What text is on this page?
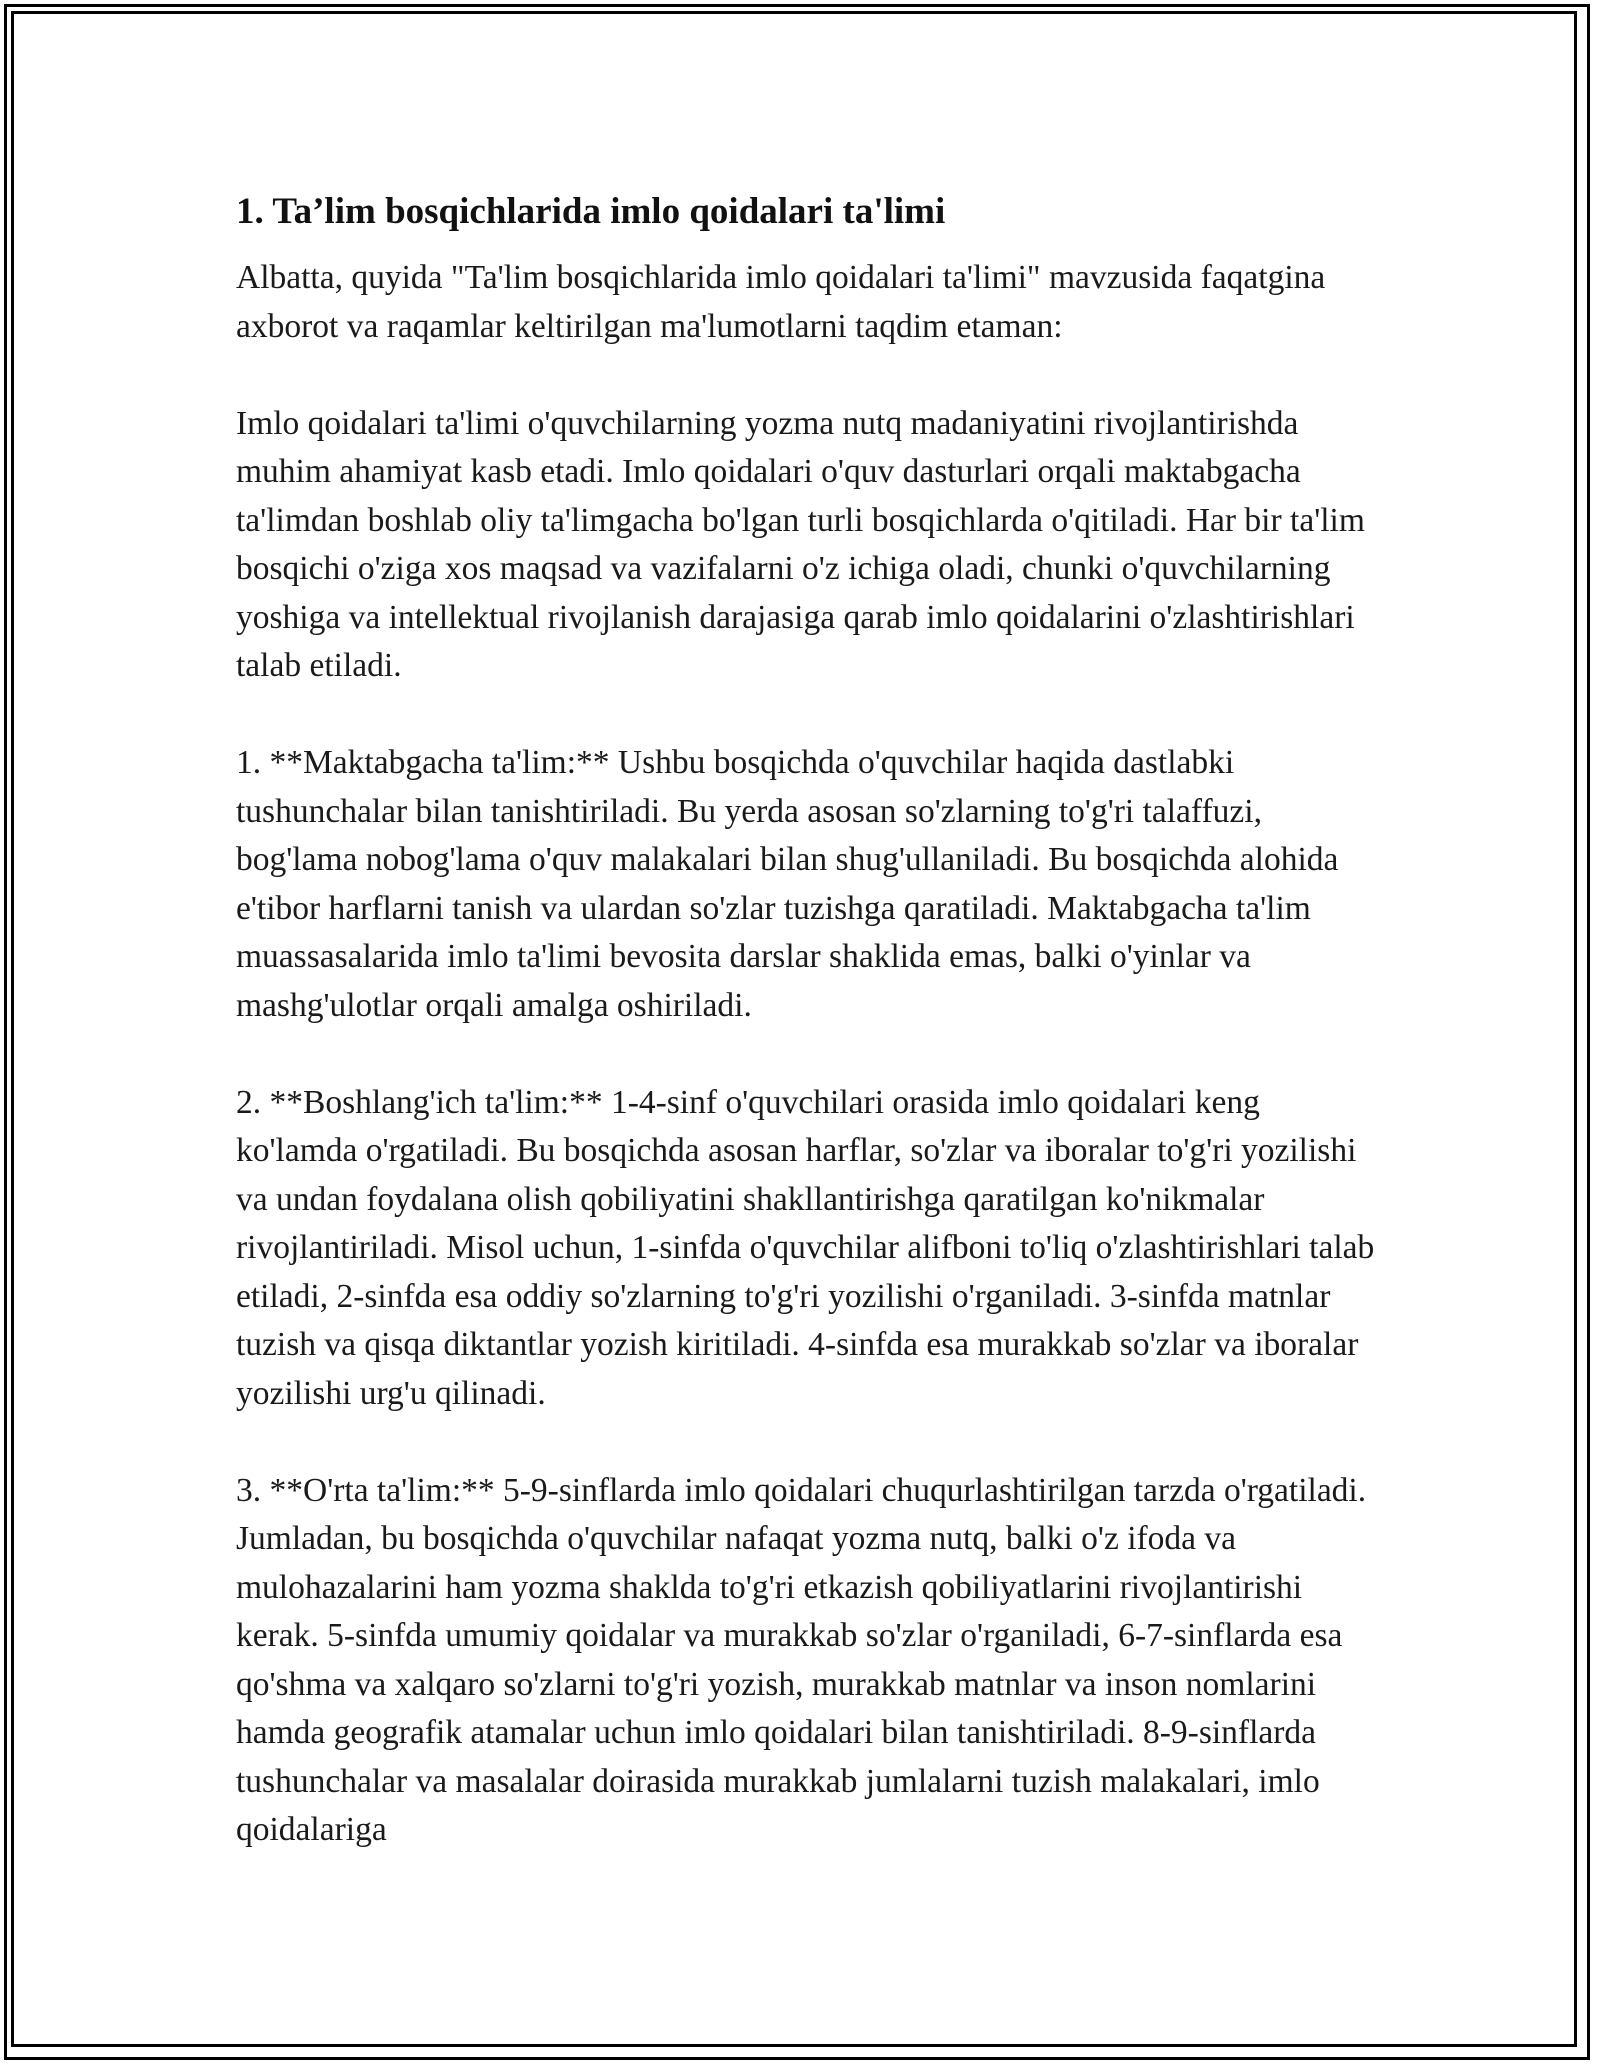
1. Ta’lim bosqichlarida imlo qoidalari ta'limi

Albatta, quyida "Ta'lim bosqichlarida imlo qoidalari ta'limi" mavzusida faqatgina axborot va raqamlar keltirilgan ma'lumotlarni taqdim etaman:

Imlo qoidalari ta'limi o'quvchilarning yozma nutq madaniyatini rivojlantirishda muhim ahamiyat kasb etadi. Imlo qoidalari o'quv dasturlari orqali maktabgacha ta'limdan boshlab oliy ta'limgacha bo'lgan turli bosqichlarda o'qitiladi. Har bir ta'lim bosqichi o'ziga xos maqsad va vazifalarni o'z ichiga oladi, chunki o'quvchilarning yoshiga va intellektual rivojlanish darajasiga qarab imlo qoidalarini o'zlashtirishlari talab etiladi.

1. **Maktabgacha ta'lim:** Ushbu bosqichda o'quvchilar haqida dastlabki tushunchalar bilan tanishtiriladi. Bu yerda asosan so'zlarning to'g'ri talaffuzi, bog'lama nobog'lama o'quv malakalari bilan shug'ullaniladi. Bu bosqichda alohida e'tibor harflarni tanish va ulardan so'zlar tuzishga qaratiladi. Maktabgacha ta'lim muassasalarida imlo ta'limi bevosita darslar shaklida emas, balki o'yinlar va mashg'ulotlar orqali amalga oshiriladi.

2. **Boshlang'ich ta'lim:** 1-4-sinf o'quvchilari orasida imlo qoidalari keng ko'lamda o'rgatiladi. Bu bosqichda asosan harflar, so'zlar va iboralar to'g'ri yozilishi va undan foydalana olish qobiliyatini shakllantirishga qaratilgan ko'nikmalar rivojlantiriladi. Misol uchun, 1-sinfda o'quvchilar alifboni to'liq o'zlashtirishlari talab etiladi, 2-sinfda esa oddiy so'zlarning to'g'ri yozilishi o'rganiladi. 3-sinfda matnlar tuzish va qisqa diktantlar yozish kiritiladi. 4-sinfda esa murakkab so'zlar va iboralar yozilishi urg'u qilinadi.

3. **O'rta ta'lim:** 5-9-sinflarda imlo qoidalari chuqurlashtirilgan tarzda o'rgatiladi. Jumladan, bu bosqichda o'quvchilar nafaqat yozma nutq, balki o'z ifoda va mulohazalarini ham yozma shaklda to'g'ri etkazish qobiliyatlarini rivojlantirishi kerak. 5-sinfda umumiy qoidalar va murakkab so'zlar o'rganiladi, 6-7-sinflarda esa qo'shma va xalqaro so'zlarni to'g'ri yozish, murakkab matnlar va inson nomlarini hamda geografik atamalar uchun imlo qoidalari bilan tanishtiriladi. 8-9-sinflarda tushunchalar va masalalar doirasida murakkab jumlalarni tuzish malakalari, imlo qoidalariga
